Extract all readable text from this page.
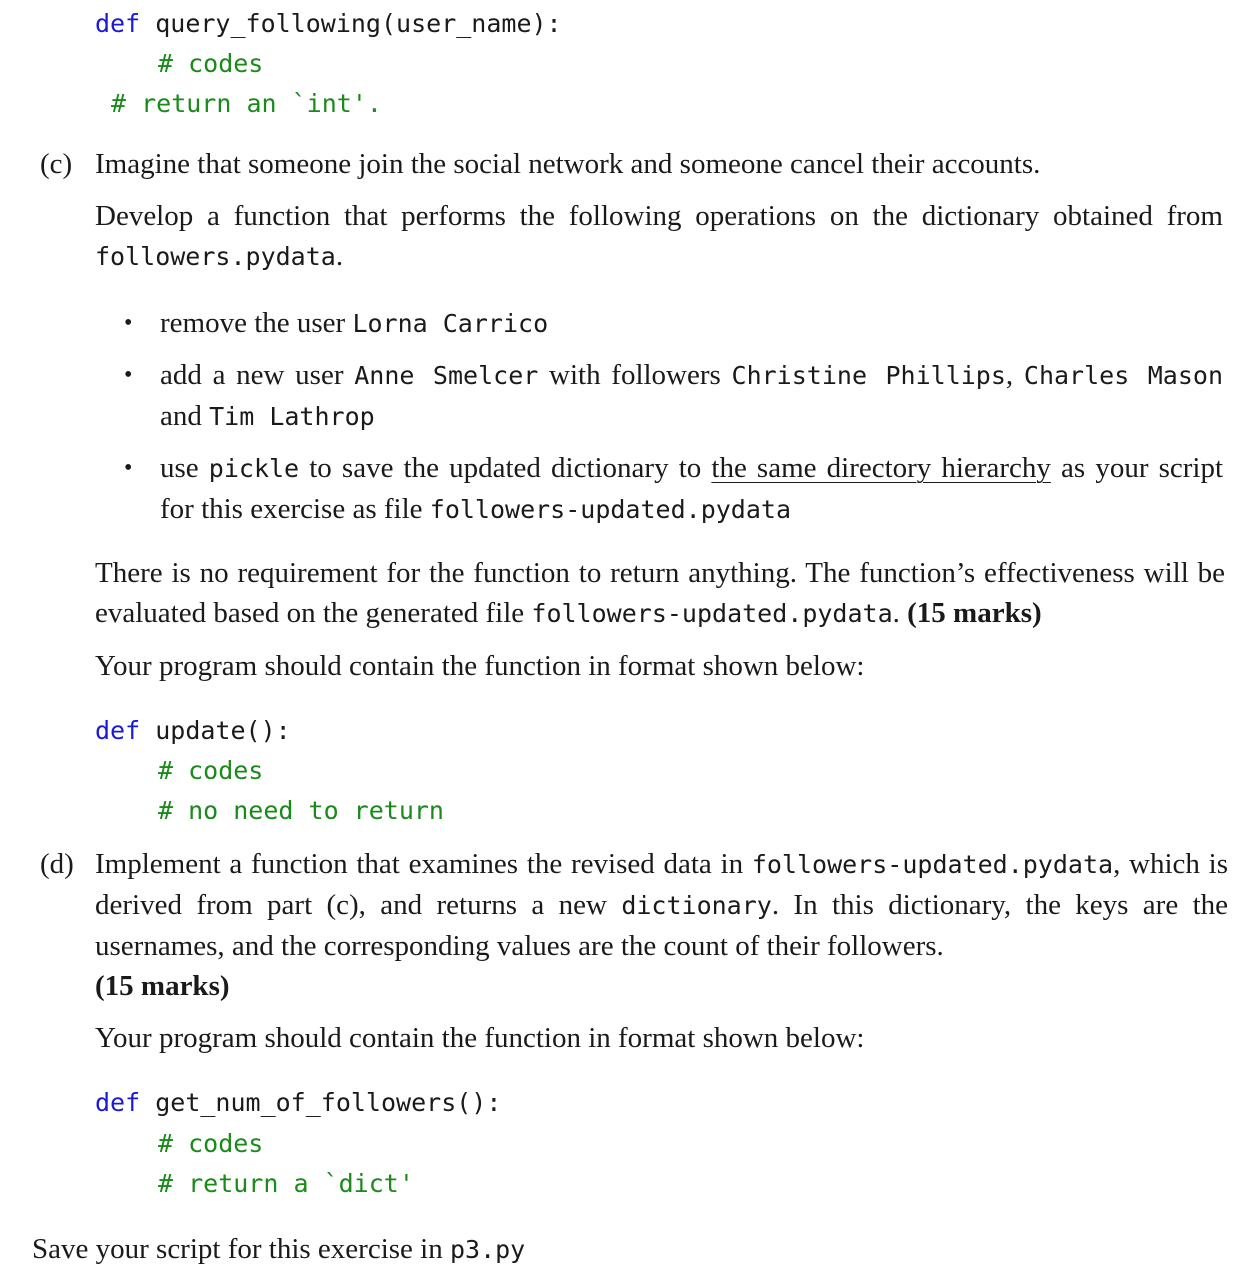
def query_following(user_name):
# codes
# return an `int'.
(c) Imagine that someone join the social network and someone cancel their accounts.
Develop a function that performs the following operations on the dictionary obtained from followers.pydata.
• remove the user Lorna Carrico
• add a new user Anne Smelcer with followers Christine Phillips, Charles Mason and Tim Lathrop
• use pickle to save the updated dictionary to the same directory hierarchy as your script for this exercise as file followers-updated.pydata
There is no requirement for the function to return anything. The function’s effectiveness will be evaluated based on the generated file followers-updated.pydata. (15 marks)
Your program should contain the function in format shown below:
def update():
# codes
# no need to return
(d) Implement a function that examines the revised data in followers-updated.pydata, which is derived from part (c), and returns a new dictionary. In this dictionary, the keys are the usernames, and the corresponding values are the count of their followers.
(15 marks)
Your program should contain the function in format shown below:
def get_num_of_followers():
# codes
# return a `dict'
Save your script for this exercise in p3.py
